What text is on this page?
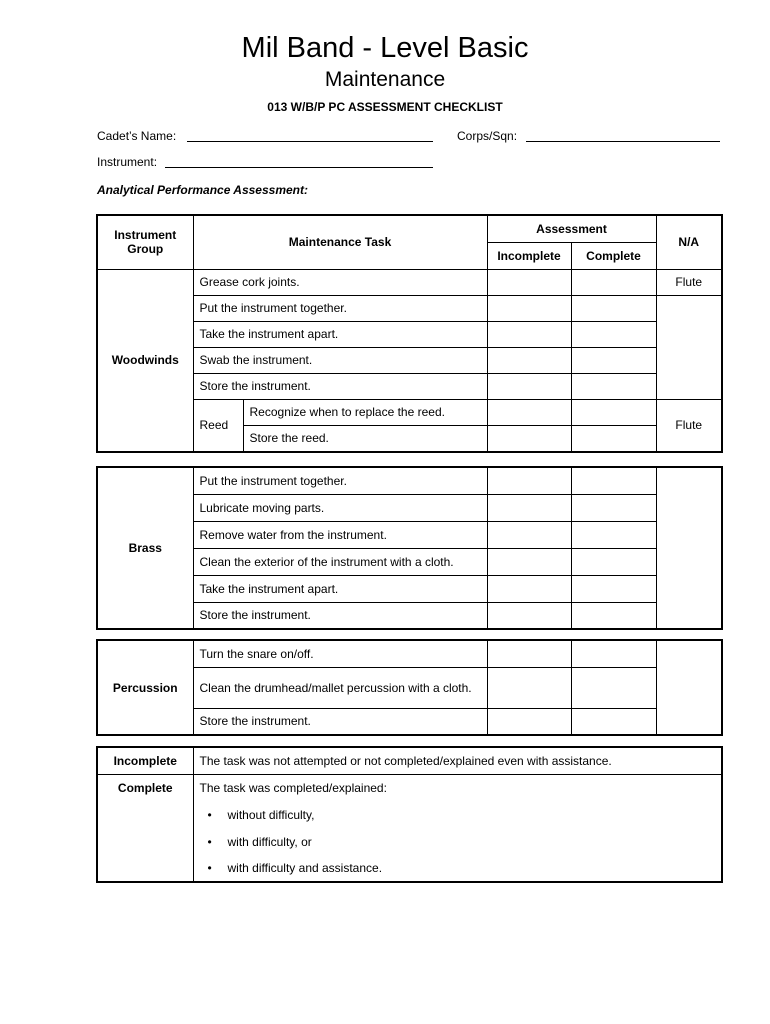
Mil Band - Level Basic
Maintenance
013 W/B/P PC ASSESSMENT CHECKLIST
Cadet’s Name:	Corps/Sqn:
Instrument:
Analytical Performance Assessment:
Instrument Group	Maintenance Task		Assessment		N/A
			Incomplete	Complete	
Woodwinds	Grease cork joints.				Flute
	Put the instrument together.				
	Take the instrument apart.				
	Swab the instrument.				
	Store the instrument.				
	Reed	Recognize when to replace the reed.			Flute
		Store the reed.			
Brass	Put the instrument together.			
	Lubricate moving parts.			
	Remove water from the instrument.			
	Clean the exterior of the instrument with a cloth.			
	Take the instrument apart.			
	Store the instrument.			
Percussion	Turn the snare on/off.			
	Clean the drumhead/mallet percussion with a cloth.			
	Store the instrument.			
Incomplete	The task was not attempted or not completed/explained even with assistance.
Complete	The task was completed/explained:

	• without difficulty,

	• with difficulty, or

	• with difficulty and assistance.
